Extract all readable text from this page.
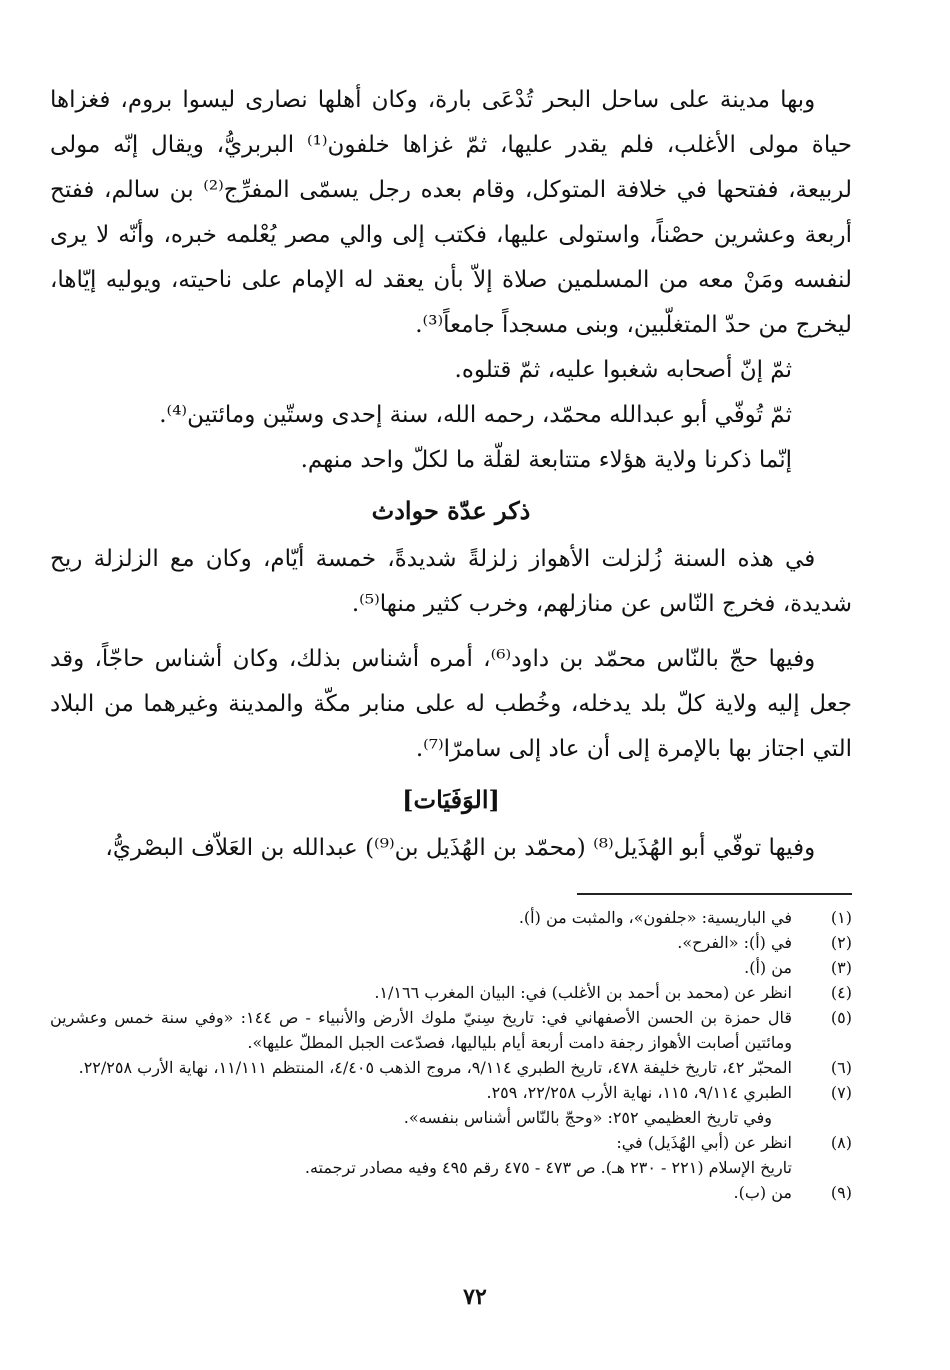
وبها مدينة على ساحل البحر تُدْعَى بارة، وكان أهلها نصارى ليسوا بروم، فغزاها حياة مولى الأغلب، فلم يقدر عليها، ثمّ غزاها خلفون⁽¹⁾ البربريُّ، ويقال إنّه مولى لربيعة، ففتحها في خلافة المتوكل، وقام بعده رجل يسمّى المفرِّج⁽²⁾ بن سالم، ففتح أربعة وعشرين حصْناً، واستولى عليها، فكتب إلى والي مصر يُعْلمه خبره، وأنّه لا يرى لنفسه ومَنْ معه من المسلمين صلاة إلاّ بأن يعقد له الإمام على ناحيته، ويوليه إيّاها، ليخرج من حدّ المتغلّبين، وبنى مسجداً جامعاً⁽³⁾.

ثمّ إنّ أصحابه شغبوا عليه، ثمّ قتلوه.

ثمّ تُوفّي أبو عبدالله محمّد، رحمه الله، سنة إحدى وستّين ومائتين⁽⁴⁾.

إنّما ذكرنا ولاية هؤلاء متتابعة لقلّة ما لكلّ واحد منهم.

ذكر عدّة حوادث

في هذه السنة زُلزلت الأهواز زلزلةً شديدةً، خمسة أيّام، وكان مع الزلزلة ريح شديدة، فخرج النّاس عن منازلهم، وخرب كثير منها⁽⁵⁾.

وفيها حجّ بالنّاس محمّد بن داود⁽⁶⁾، أمره أشناس بذلك، وكان أشناس حاجّاً، وقد جعل إليه ولاية كلّ بلد يدخله، وخُطب له على منابر مكّة والمدينة وغيرهما من البلاد التي اجتاز بها بالإمرة إلى أن عاد إلى سامرّا⁽⁷⁾.

[الوَفَيَات]

وفيها توفّي أبو الهُذَيل⁽⁸⁾ (محمّد بن الهُذَيل بن⁽⁹⁾) عبدالله بن العَلاّف البصْريُّ،

(١)
في الباريسية: «جلفون»، والمثبت من (أ).
(٢)
في (أ): «الفرح».
(٣)
من (أ).
(٤)
انظر عن (محمد بن أحمد بن الأغلب) في: البيان المغرب ١/١٦٦.
(٥)
قال حمزة بن الحسن الأصفهاني في: تاريخ سِنيّ ملوك الأرض والأنبياء - ص ١٤٤: «وفي سنة خمس وعشرين ومائتين أصابت الأهواز رجفة دامت أربعة أيام بلياليها، فصدّعت الجبل المطلّ عليها».
(٦)
المحبّر ٤٢، تاريخ خليفة ٤٧٨، تاريخ الطبري ٩/١١٤، مروج الذهب ٤/٤٠٥، المنتظم ١١/١١١، نهاية الأرب ٢٢/٢٥٨.
(٧)
الطبري ٩/١١٤، ١١٥، نهاية الأرب ٢٢/٢٥٨، ٢٥٩.
وفي تاريخ العظيمي ٢٥٢: «وحجّ بالنّاس أشناس بنفسه».
(٨)
انظر عن (أبي الهُذَيل) في:
تاريخ الإسلام (٢٢١ - ٢٣٠ هـ). ص ٤٧٣ - ٤٧٥ رقم ٤٩٥ وفيه مصادر ترجمته.
(٩)
من (ب).
٧٢
